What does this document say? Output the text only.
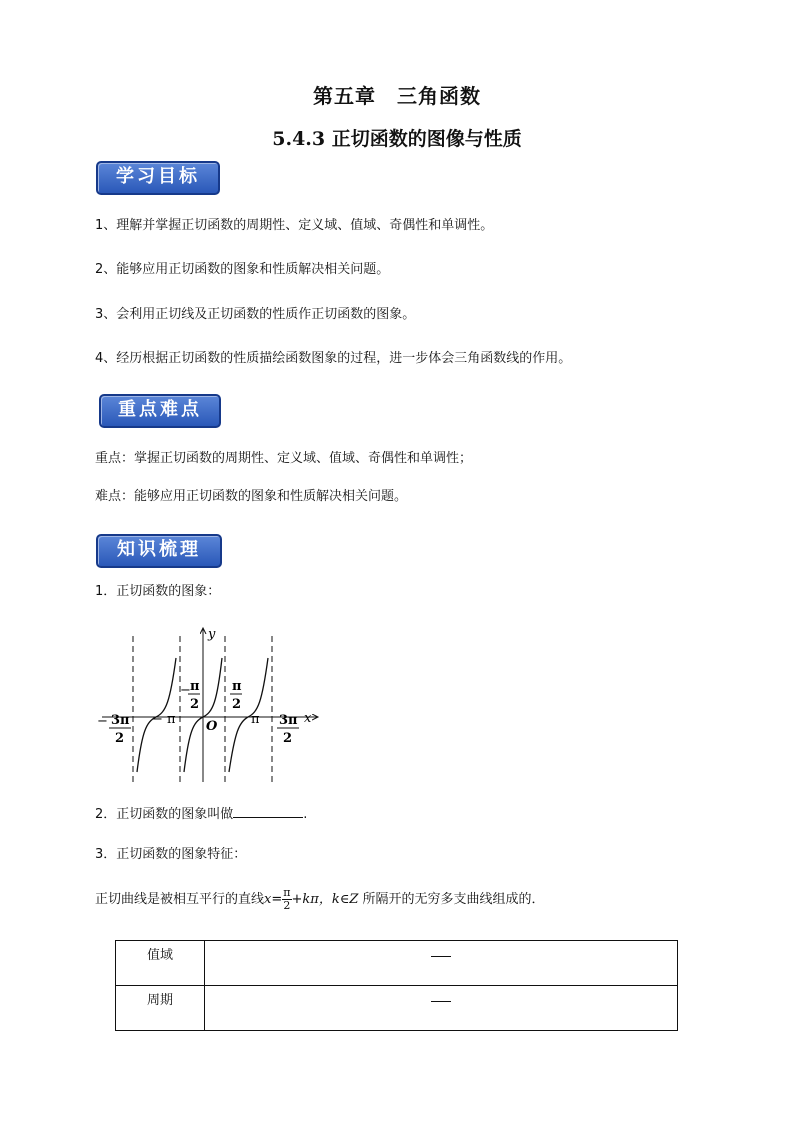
第五章　三角函数
5.4.3 正切函数的图像与性质
学习目标
1、理解并掌握正切函数的周期性、定义域、值域、奇偶性和单调性。
2、能够应用正切函数的图象和性质解决相关问题。
3、会利用正切线及正切函数的性质作正切函数的图象。
4、经历根据正切函数的性质描绘函数图象的过程，进一步体会三角函数线的作用。
重点难点
重点：掌握正切函数的周期性、定义域、值域、奇偶性和单调性；
难点：能够应用正切函数的图象和性质解决相关问题。
知识梳理
1．正切函数的图象：
y
x
O
− 3π
2
− π
− π
2
π
2
π 3π
2
2．正切函数的图象叫做	.
3．正切函数的图象特征：
正切曲线是被相互平行的直线$x= \frac{\pi}{2} +k\pi$，k∈Z 所隔开的无穷多支曲线组成的．
值域	
周期	
